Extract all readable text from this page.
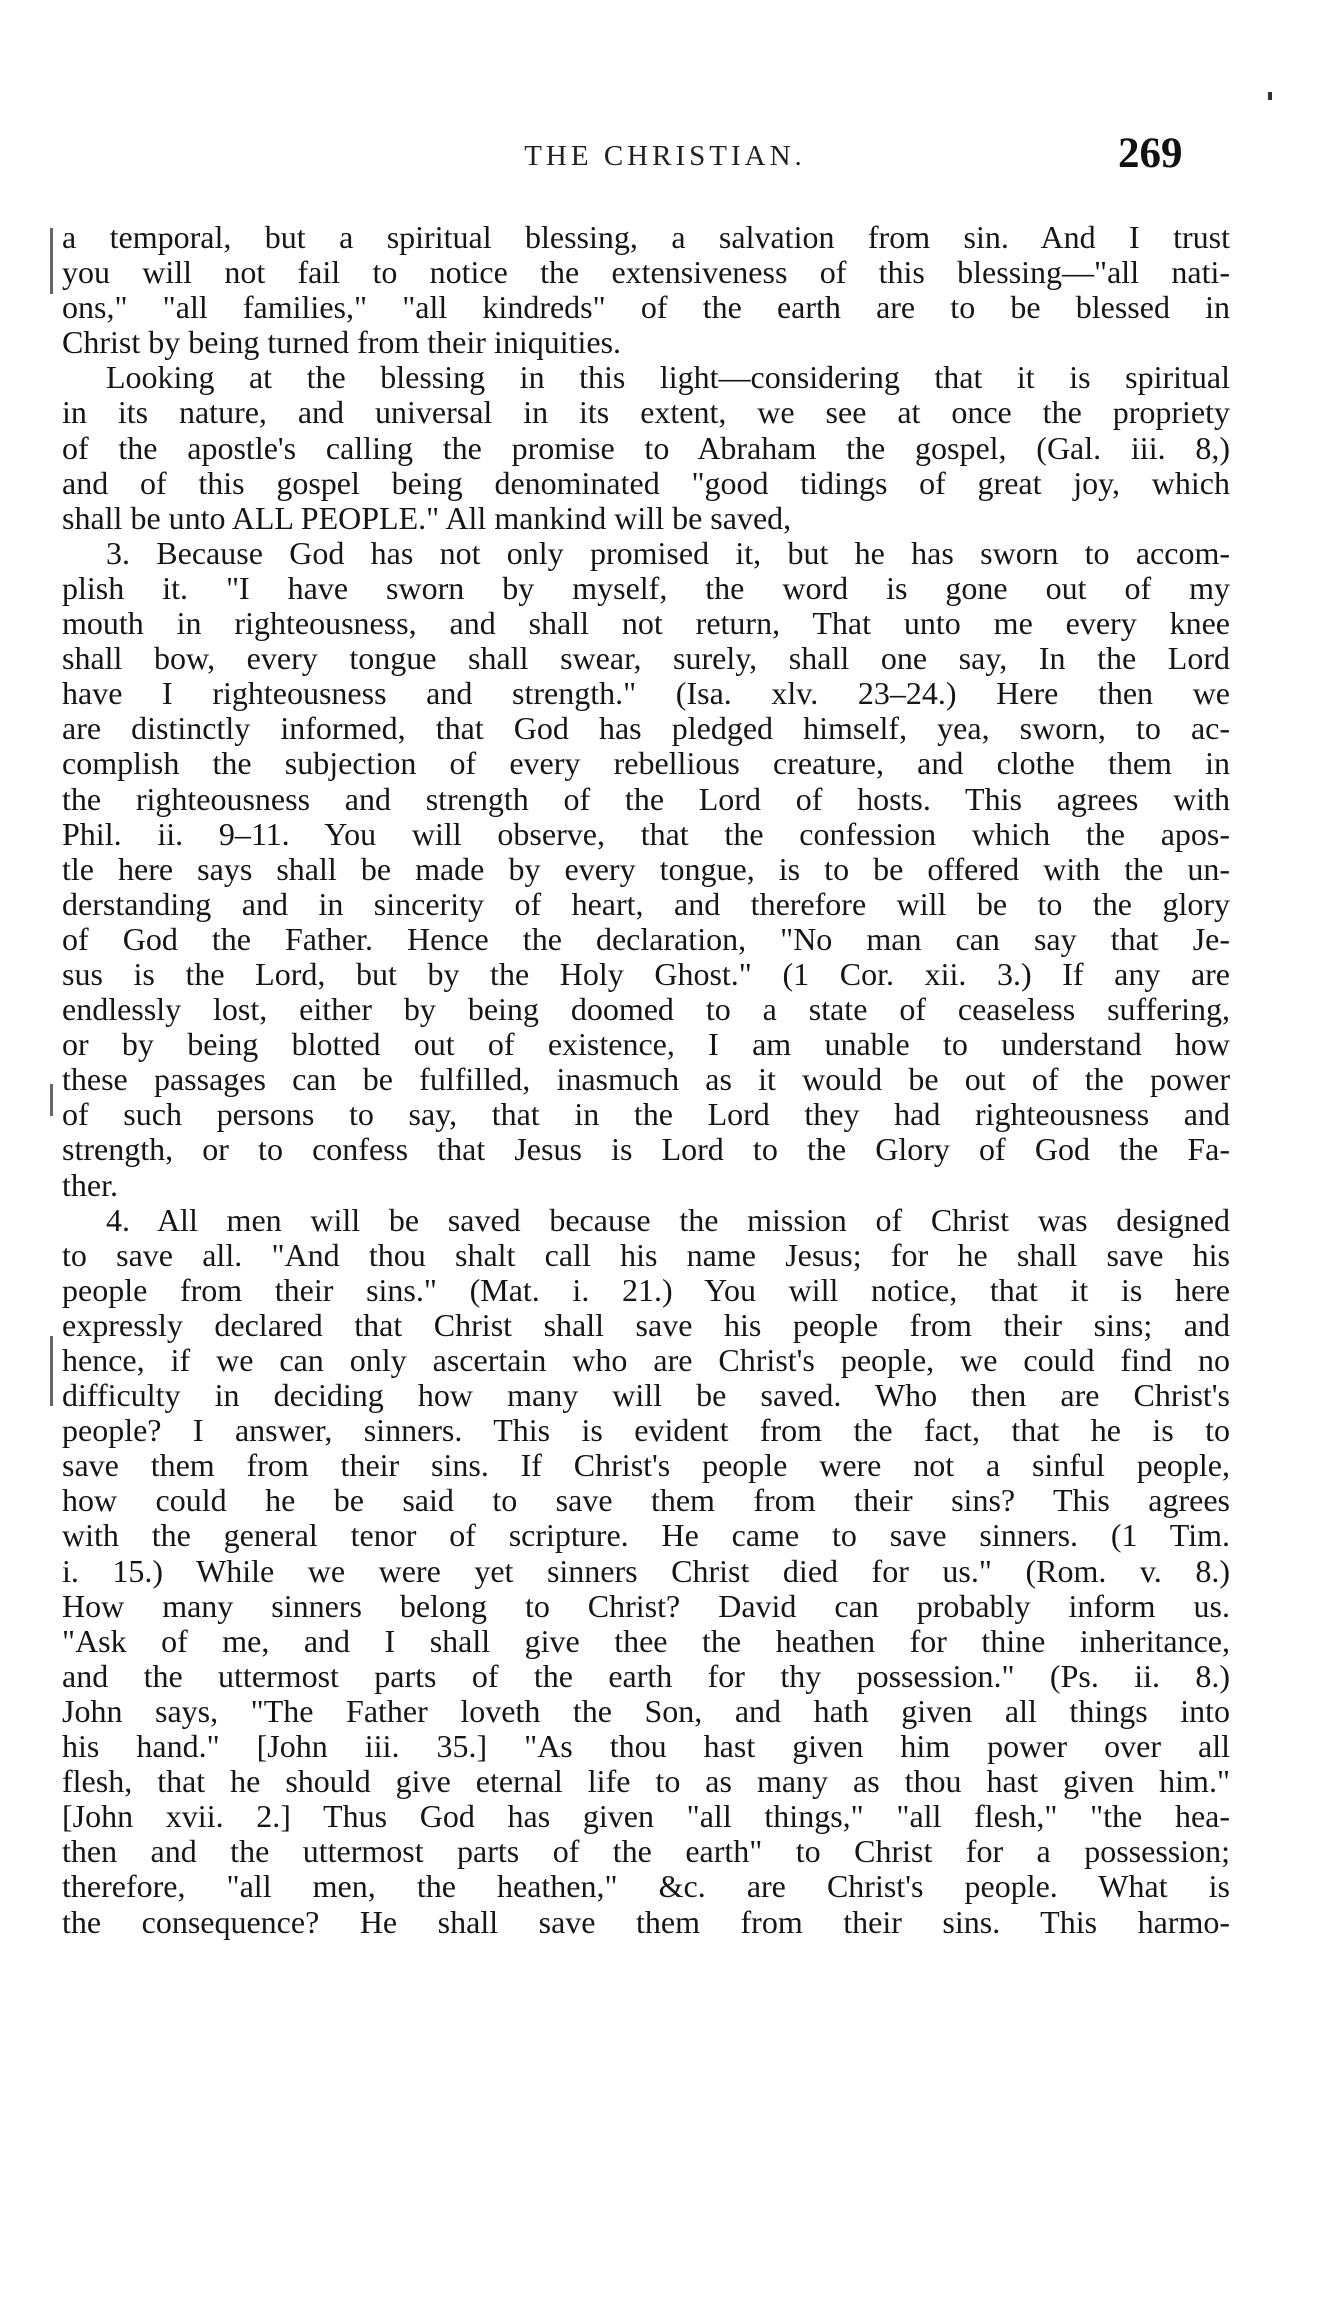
THE CHRISTIAN.	269
a temporal, but a spiritual blessing, a salvation from sin. And I trust
you will not fail to notice the extensiveness of this blessing—"all nati-
ons," "all families," "all kindreds" of the earth are to be blessed in
Christ by being turned from their iniquities.
Looking at the blessing in this light—considering that it is spiritual
in its nature, and universal in its extent, we see at once the propriety
of the apostle's calling the promise to Abraham the gospel, (Gal. iii. 8,)
and of this gospel being denominated "good tidings of great joy, which
shall be unto ALL PEOPLE." All mankind will be saved,
3. Because God has not only promised it, but he has sworn to accom-
plish it. "I have sworn by myself, the word is gone out of my
mouth in righteousness, and shall not return, That unto me every knee
shall bow, every tongue shall swear, surely, shall one say, In the Lord
have I righteousness and strength." (Isa. xlv. 23–24.) Here then we
are distinctly informed, that God has pledged himself, yea, sworn, to ac-
complish the subjection of every rebellious creature, and clothe them in
the righteousness and strength of the Lord of hosts. This agrees with
Phil. ii. 9–11. You will observe, that the confession which the apos-
tle here says shall be made by every tongue, is to be offered with the un-
derstanding and in sincerity of heart, and therefore will be to the glory
of God the Father. Hence the declaration, "No man can say that Je-
sus is the Lord, but by the Holy Ghost." (1 Cor. xii. 3.) If any are
endlessly lost, either by being doomed to a state of ceaseless suffering,
or by being blotted out of existence, I am unable to understand how
these passages can be fulfilled, inasmuch as it would be out of the power
of such persons to say, that in the Lord they had righteousness and
strength, or to confess that Jesus is Lord to the Glory of God the Fa-
ther.
4. All men will be saved because the mission of Christ was designed
to save all. "And thou shalt call his name Jesus; for he shall save his
people from their sins." (Mat. i. 21.) You will notice, that it is here
expressly declared that Christ shall save his people from their sins; and
hence, if we can only ascertain who are Christ's people, we could find no
difficulty in deciding how many will be saved. Who then are Christ's
people? I answer, sinners. This is evident from the fact, that he is to
save them from their sins. If Christ's people were not a sinful people,
how could he be said to save them from their sins? This agrees
with the general tenor of scripture. He came to save sinners. (1 Tim.
i. 15.) While we were yet sinners Christ died for us." (Rom. v. 8.)
How many sinners belong to Christ? David can probably inform us.
"Ask of me, and I shall give thee the heathen for thine inheritance,
and the uttermost parts of the earth for thy possession." (Ps. ii. 8.)
John says, "The Father loveth the Son, and hath given all things into
his hand." [John iii. 35.] "As thou hast given him power over all
flesh, that he should give eternal life to as many as thou hast given him."
[John xvii. 2.] Thus God has given "all things," "all flesh," "the hea-
then and the uttermost parts of the earth" to Christ for a possession;
therefore, "all men, the heathen," &c. are Christ's people. What is
the consequence? He shall save them from their sins. This harmo-
